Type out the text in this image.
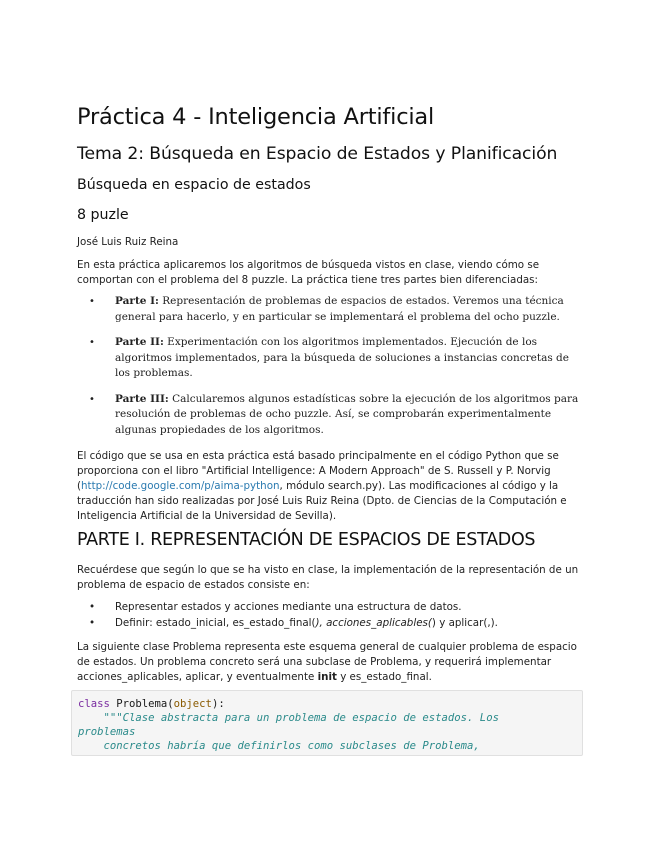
Práctica 4 - Inteligencia Artificial
Tema 2: Búsqueda en Espacio de Estados y Planificación
Búsqueda en espacio de estados
8 puzle

José Luis Ruiz Reina

En esta práctica aplicaremos los algoritmos de búsqueda vistos en clase, viendo cómo se comportan con el problema del 8 puzzle. La práctica tiene tres partes bien diferenciadas:

• Parte I: Representación de problemas de espacios de estados. Veremos una técnica general para hacerlo, y en particular se implementará el problema del ocho puzzle.
• Parte II: Experimentación con los algoritmos implementados. Ejecución de los algoritmos implementados, para la búsqueda de soluciones a instancias concretas de los problemas.
• Parte III: Calcularemos algunos estadísticas sobre la ejecución de los algoritmos para resolución de problemas de ocho puzzle. Así, se comprobarán experimentalmente algunas propiedades de los algoritmos.

El código que se usa en esta práctica está basado principalmente en el código Python que se proporciona con el libro "Artificial Intelligence: A Modern Approach" de S. Russell y P. Norvig (http://code.google.com/p/aima-python, módulo search.py). Las modificaciones al código y la traducción han sido realizadas por José Luis Ruiz Reina (Dpto. de Ciencias de la Computación e Inteligencia Artificial de la Universidad de Sevilla).

PARTE I. REPRESENTACIÓN DE ESPACIOS DE ESTADOS

Recuérdese que según lo que se ha visto en clase, la implementación de la representación de un problema de espacio de estados consiste en:

• Representar estados y acciones mediante una estructura de datos.
• Definir: estado_inicial, es_estado_final(), acciones_aplicables() y aplicar(,).

La siguiente clase Problema representa este esquema general de cualquier problema de espacio de estados. Un problema concreto será una subclase de Problema, y requerirá implementar acciones_aplicables, aplicar, y eventualmente init y es_estado_final.

class Problema(object):
"""Clase abstracta para un problema de espacio de estados. Los
problemas
concretos habría que definirlos como subclases de Problema,
